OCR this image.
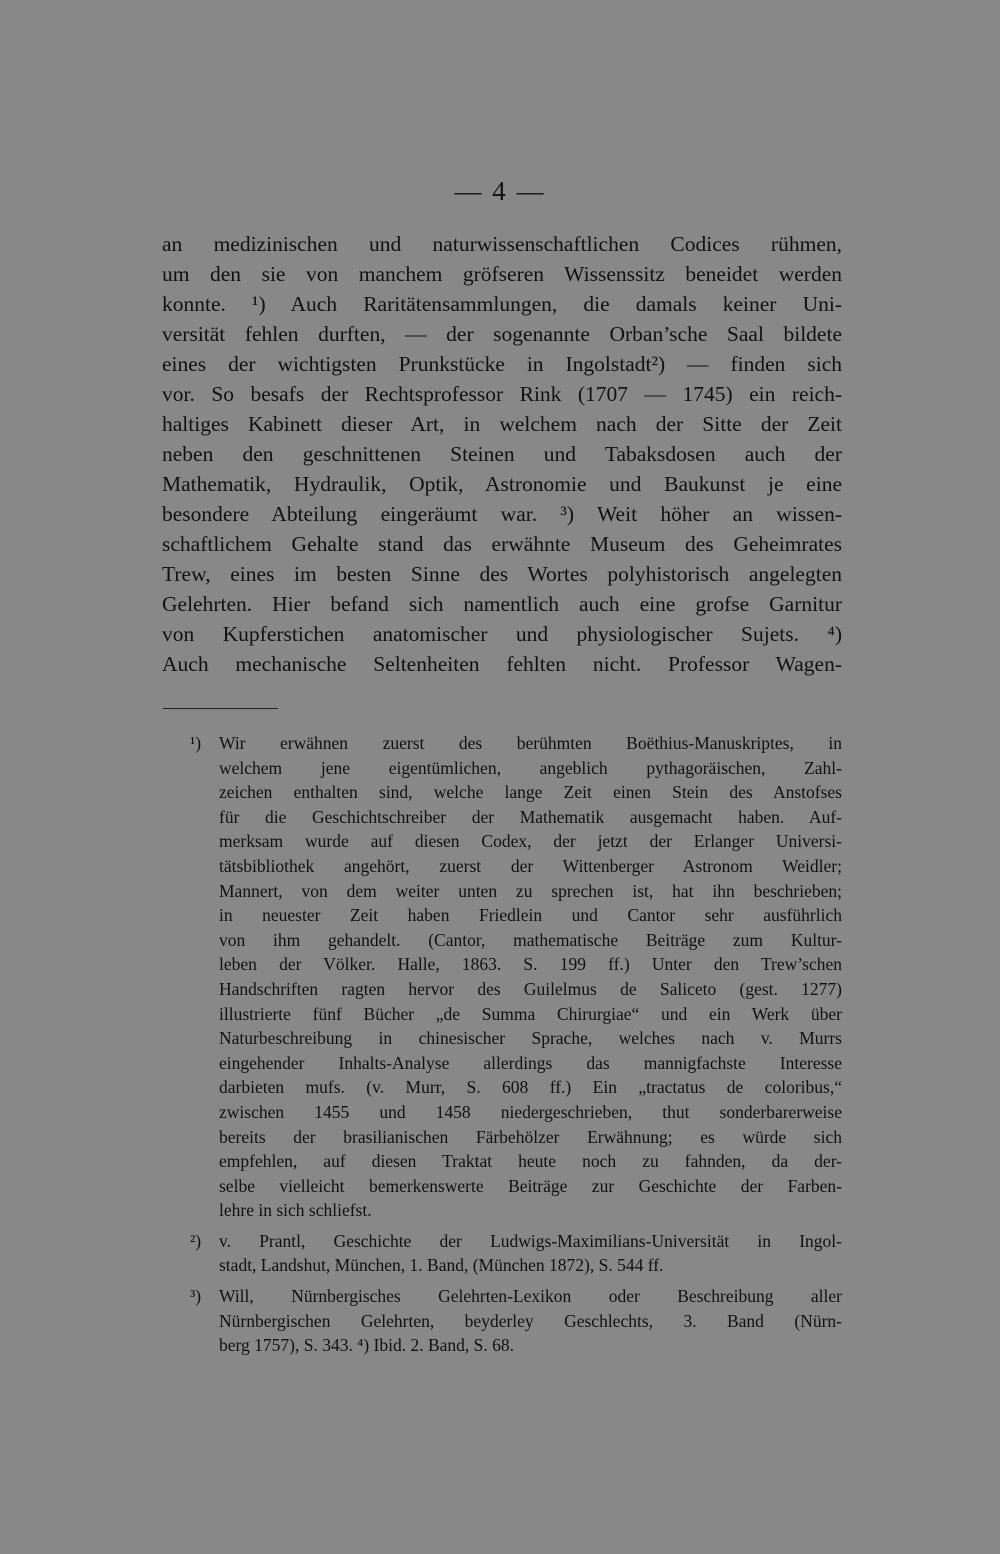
— 4 —
an medizinischen und naturwissenschaftlichen Codices rühmen,
um den sie von manchem gröfseren Wissenssitz beneidet werden
konnte. ¹) Auch Raritätensammlungen, die damals keiner Uni-
versität fehlen durften, — der sogenannte Orban’sche Saal bildete
eines der wichtigsten Prunkstücke in Ingolstadt²) — finden sich
vor. So besafs der Rechtsprofessor Rink (1707 — 1745) ein reich-
haltiges Kabinett dieser Art, in welchem nach der Sitte der Zeit
neben den geschnittenen Steinen und Tabaksdosen auch der
Mathematik, Hydraulik, Optik, Astronomie und Baukunst je eine
besondere Abteilung eingeräumt war. ³) Weit höher an wissen-
schaftlichem Gehalte stand das erwähnte Museum des Geheimrates
Trew, eines im besten Sinne des Wortes polyhistorisch angelegten
Gelehrten. Hier befand sich namentlich auch eine grofse Garnitur
von Kupferstichen anatomischer und physiologischer Sujets. ⁴)
Auch mechanische Seltenheiten fehlten nicht. Professor Wagen-
¹) Wir erwähnen zuerst des berühmten Boëthius-Manuskriptes, in
welchem jene eigentümlichen, angeblich pythagoräischen, Zahl-
zeichen enthalten sind, welche lange Zeit einen Stein des Anstofses
für die Geschichtschreiber der Mathematik ausgemacht haben. Auf-
merksam wurde auf diesen Codex, der jetzt der Erlanger Universi-
tätsbibliothek angehört, zuerst der Wittenberger Astronom Weidler;
Mannert, von dem weiter unten zu sprechen ist, hat ihn beschrieben;
in neuester Zeit haben Friedlein und Cantor sehr ausführlich
von ihm gehandelt. (Cantor, mathematische Beiträge zum Kultur-
leben der Völker. Halle, 1863. S. 199 ff.) Unter den Trew’schen
Handschriften ragten hervor des Guilelmus de Saliceto (gest. 1277)
illustrierte fünf Bücher „de Summa Chirurgiae“ und ein Werk über
Naturbeschreibung in chinesischer Sprache, welches nach v. Murrs
eingehender Inhalts-Analyse allerdings das mannigfachste Interesse
darbieten mufs. (v. Murr, S. 608 ff.) Ein „tractatus de coloribus,“
zwischen 1455 und 1458 niedergeschrieben, thut sonderbarerweise
bereits der brasilianischen Färbehölzer Erwähnung; es würde sich
empfehlen, auf diesen Traktat heute noch zu fahnden, da der-
selbe vielleicht bemerkenswerte Beiträge zur Geschichte der Farben-
lehre in sich schliefst.
²) v. Prantl, Geschichte der Ludwigs-Maximilians-Universität in Ingol-
stadt, Landshut, München, 1. Band, (München 1872), S. 544 ff.
³) Will, Nürnbergisches Gelehrten-Lexikon oder Beschreibung aller
Nürnbergischen Gelehrten, beyderley Geschlechts, 3. Band (Nürn-
berg 1757), S. 343. ⁴) Ibid. 2. Band, S. 68.
